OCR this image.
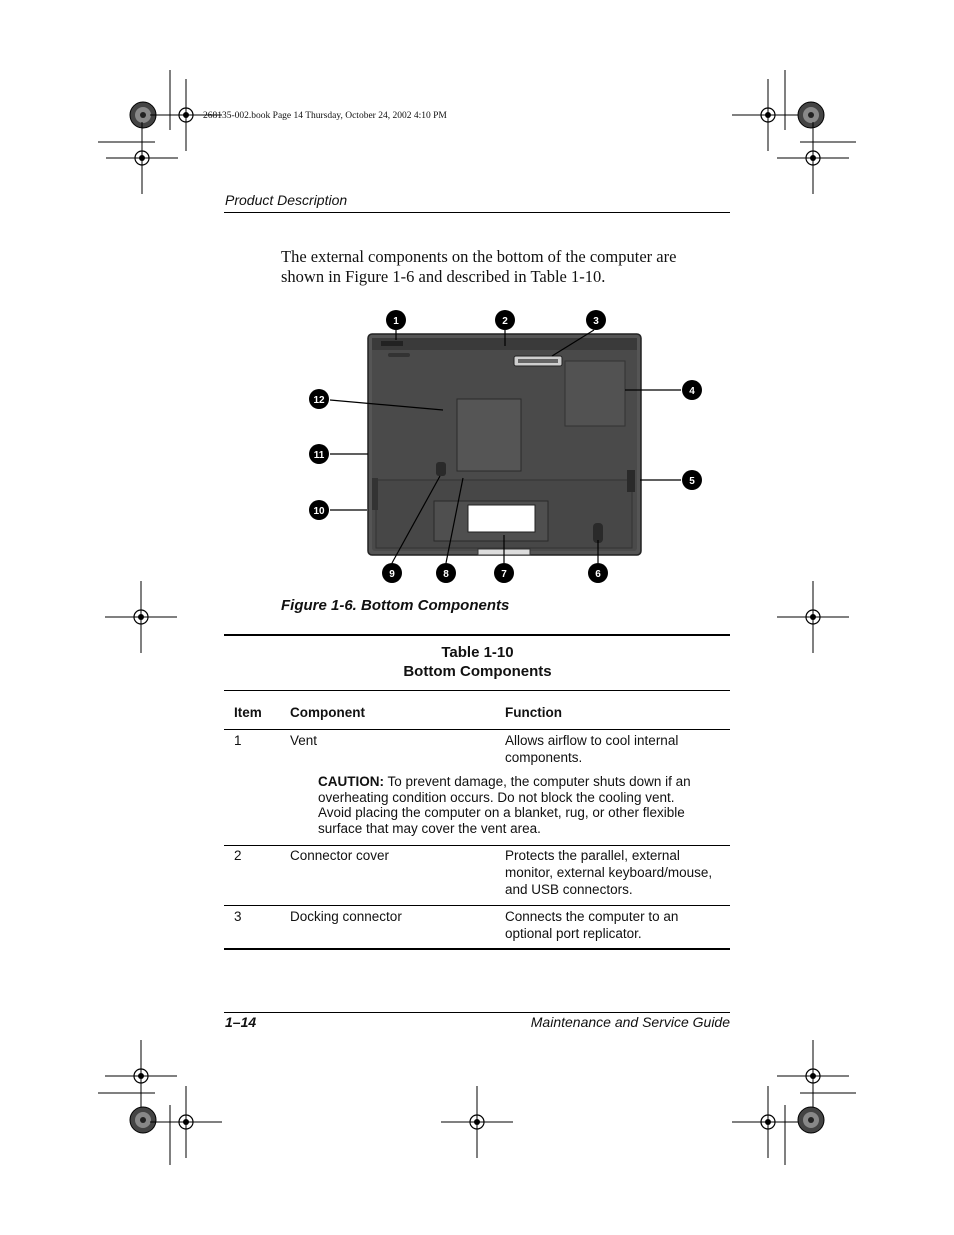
268135-002.book Page 14 Thursday, October 24, 2002 4:10 PM
Product Description
The external components on the bottom of the computer are shown in Figure 1-6 and described in Table 1-10.
1	2	3
4
5
6
7
8
9
10
11
12
Figure 1-6. Bottom Components
Table 1-10
Bottom Components
Item Component	Function
1	Vent	Allows airflow to cool internal components.
CAUTION: To prevent damage, the computer shuts down if an overheating condition occurs. Do not block the cooling vent. Avoid placing the computer on a blanket, rug, or other flexible surface that may cover the vent area.
2	Connector cover	Protects the parallel, external monitor, external keyboard/mouse, and USB connectors.
3	Docking connector	Connects the computer to an optional port replicator.
1–14	Maintenance and Service Guide
